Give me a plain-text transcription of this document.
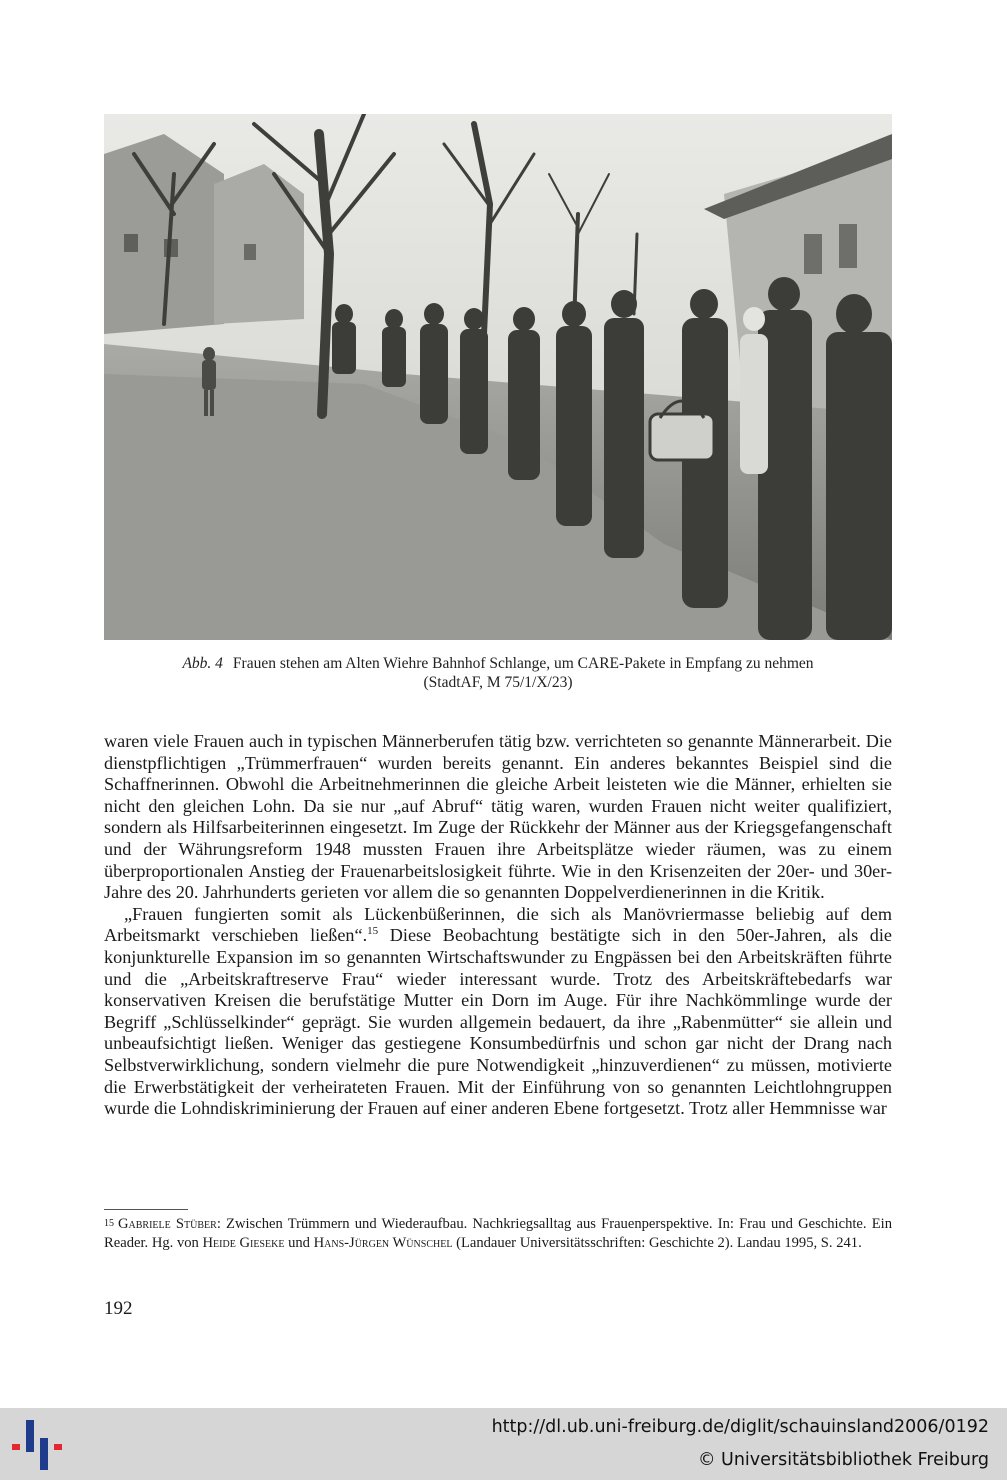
Abb. 4 Frauen stehen am Alten Wiehre Bahnhof Schlange, um CARE-Pakete in Empfang zu nehmen
(StadtAF, M 75/1/X/23)

waren viele Frauen auch in typischen Männerberufen tätig bzw. verrichteten so genannte Männerarbeit. Die dienstpflichtigen „Trümmerfrauen“ wurden bereits genannt. Ein anderes bekanntes Beispiel sind die Schaffnerinnen. Obwohl die Arbeitnehmerinnen die gleiche Arbeit leisteten wie die Männer, erhielten sie nicht den gleichen Lohn. Da sie nur „auf Abruf“ tätig waren, wurden Frauen nicht weiter qualifiziert, sondern als Hilfsarbeiterinnen eingesetzt. Im Zuge der Rückkehr der Männer aus der Kriegsgefangenschaft und der Währungsreform 1948 mussten Frauen ihre Arbeitsplätze wieder räumen, was zu einem überproportionalen Anstieg der Frauenarbeitslosigkeit führte. Wie in den Krisenzeiten der 20er- und 30er-Jahre des 20. Jahrhunderts gerieten vor allem die so genannten Doppelverdienerinnen in die Kritik.

„Frauen fungierten somit als Lückenbüßerinnen, die sich als Manövriermasse beliebig auf dem Arbeitsmarkt verschieben ließen“.$^{15}$ Diese Beobachtung bestätigte sich in den 50er-Jahren, als die konjunkturelle Expansion im so genannten Wirtschaftswunder zu Engpässen bei den Arbeitskräften führte und die „Arbeitskraftreserve Frau“ wieder interessant wurde. Trotz des Arbeitskräftebedarfs war konservativen Kreisen die berufstätige Mutter ein Dorn im Auge. Für ihre Nachkömmlinge wurde der Begriff „Schlüsselkinder“ geprägt. Sie wurden allgemein bedauert, da ihre „Rabenmütter“ sie allein und unbeaufsichtigt ließen. Weniger das gestiegene Konsumbedürfnis und schon gar nicht der Drang nach Selbstverwirklichung, sondern vielmehr die pure Notwendigkeit „hinzuverdienen“ zu müssen, motivierte die Erwerbstätigkeit der verheirateten Frauen. Mit der Einführung von so genannten Leichtlohngruppen wurde die Lohndiskriminierung der Frauen auf einer anderen Ebene fortgesetzt. Trotz aller Hemmnisse war

$^{15}$ Gabriele Stüber: Zwischen Trümmern und Wiederaufbau. Nachkriegsalltag aus Frauenperspektive. In: Frau und Geschichte. Ein Reader. Hg. von Heide Gieseke und Hans-Jürgen Wünschel (Landauer Universitätsschriften: Geschichte 2). Landau 1995, S. 241.
192
http://dl.ub.uni-freiburg.de/diglit/schauinsland2006/0192
© Universitätsbibliothek Freiburg
